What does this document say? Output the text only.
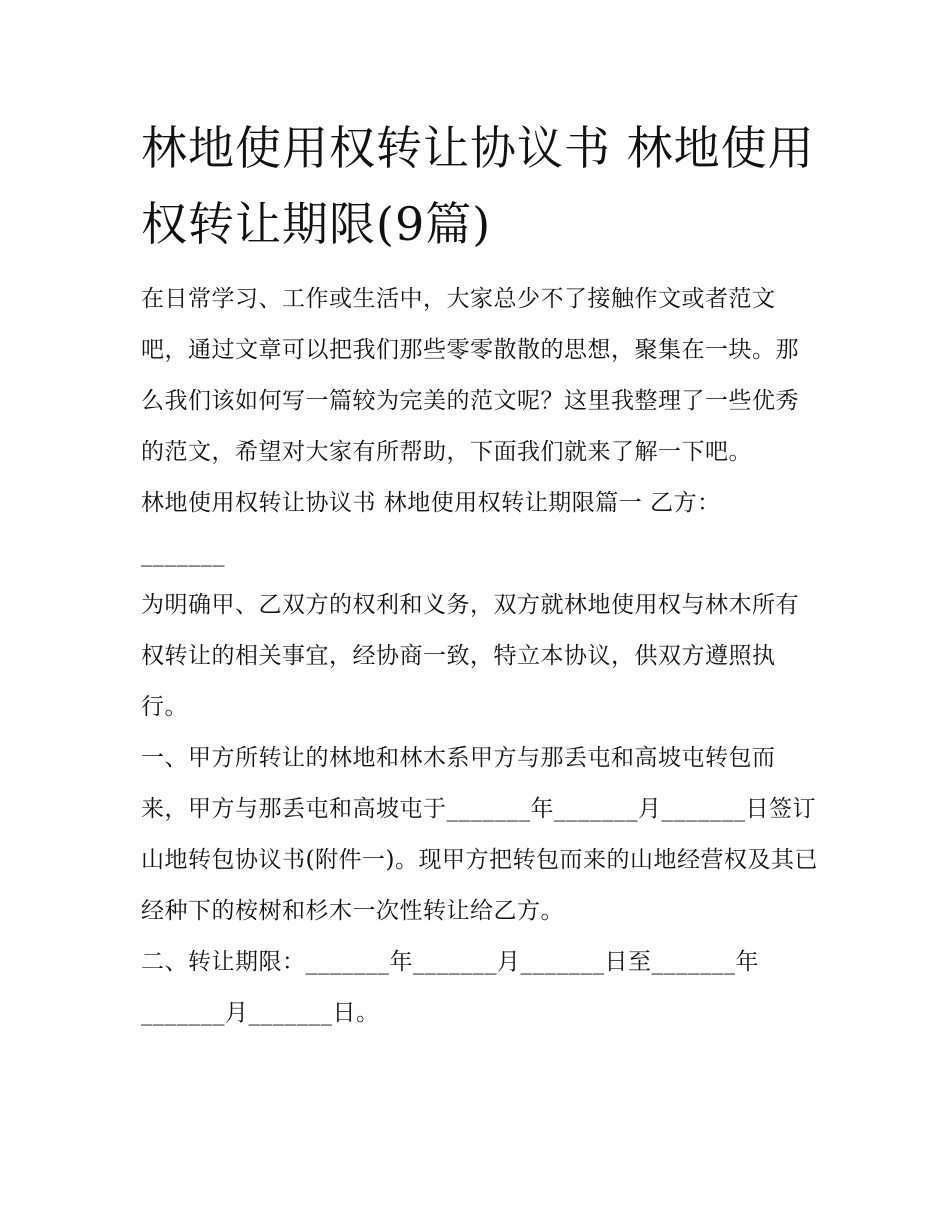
林地使用权转让协议书 林地使用权转让期限(9篇)

在日常学习、工作或生活中，大家总少不了接触作文或者范文吧，通过文章可以把我们那些零零散散的思想，聚集在一块。那么我们该如何写一篇较为完美的范文呢？这里我整理了一些优秀的范文，希望对大家有所帮助，下面我们就来了解一下吧。

林地使用权转让协议书 林地使用权转让期限篇一 乙方：

_______

为明确甲、乙双方的权利和义务，双方就林地使用权与林木所有权转让的相关事宜，经协商一致，特立本协议，供双方遵照执行。

一、甲方所转让的林地和林木系甲方与那丢屯和高坡屯转包而来，甲方与那丢屯和高坡屯于_______年_______月_______日签订山地转包协议书(附件一)。现甲方把转包而来的山地经营权及其已经种下的桉树和杉木一次性转让给乙方。

二、转让期限：_______年_______月_______日至_______年_______月_______日。
